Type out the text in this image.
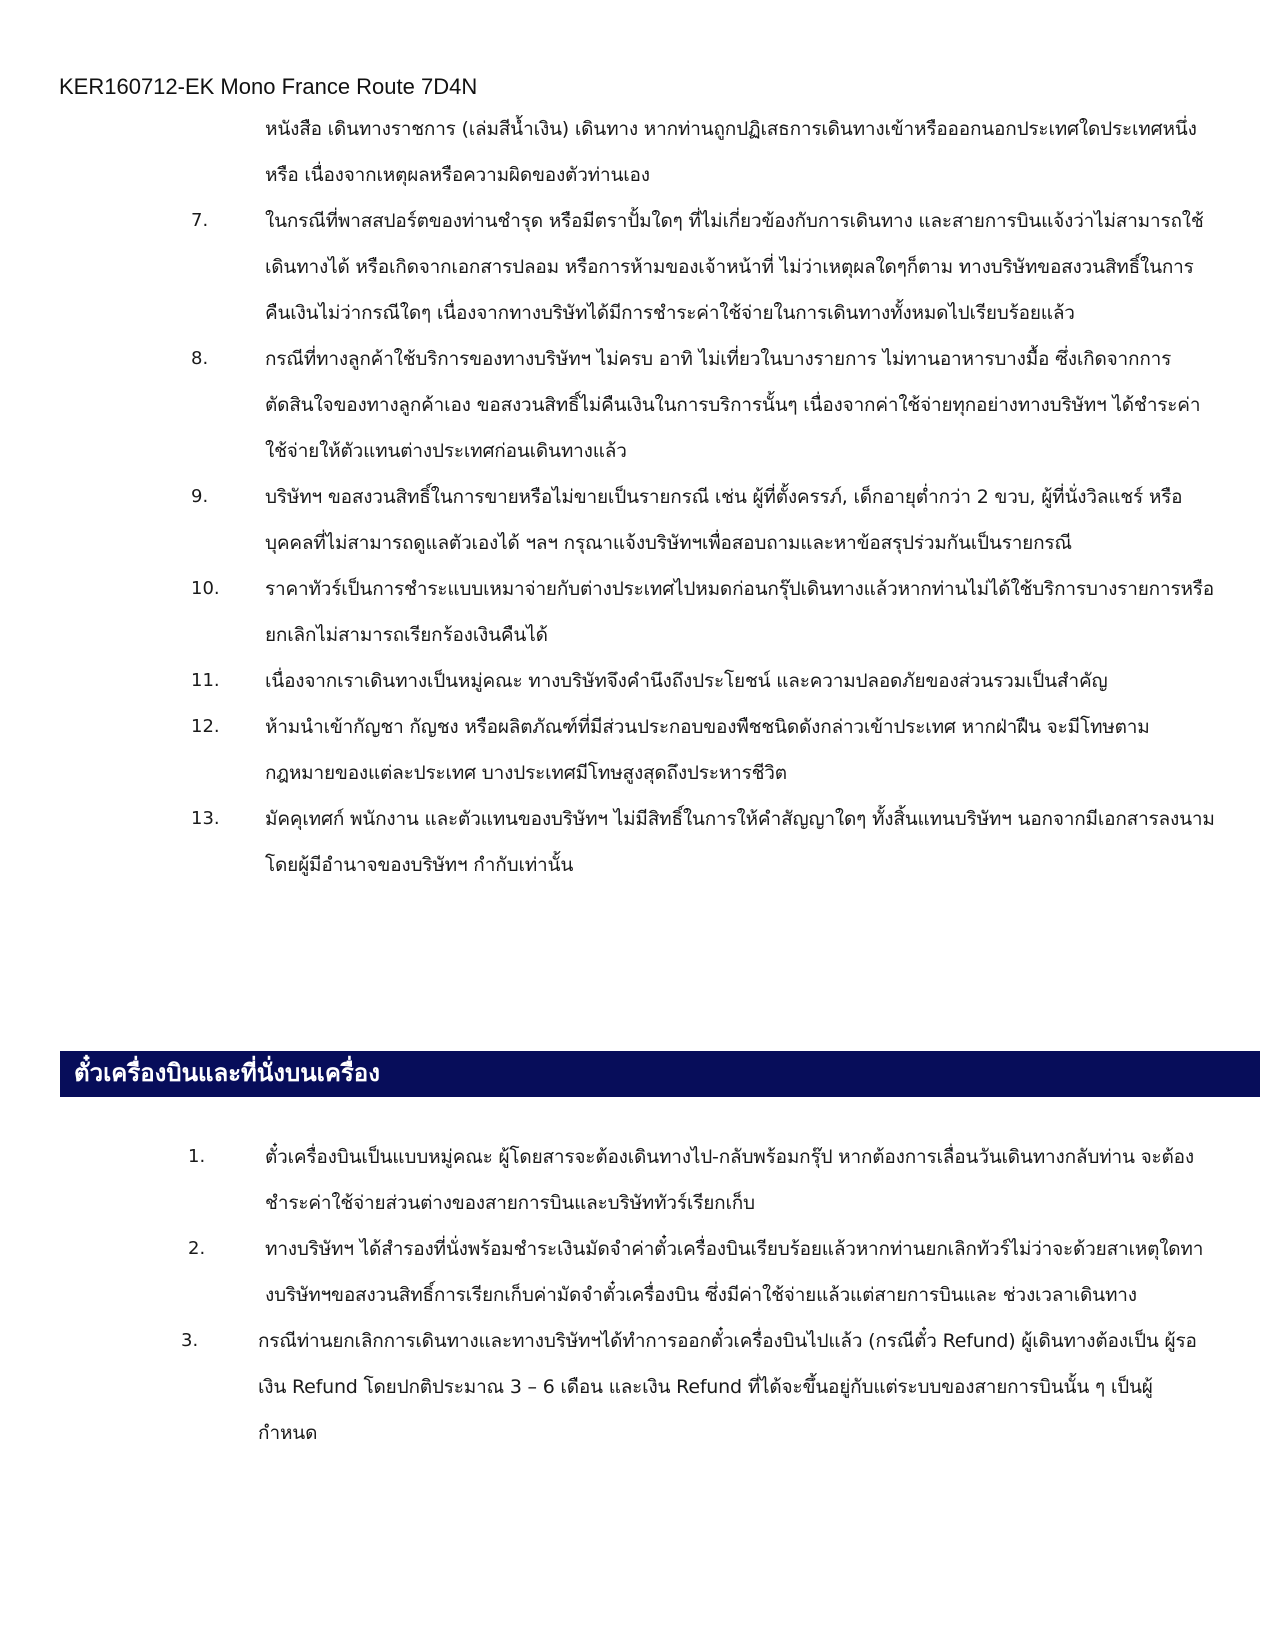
KER160712-EK Mono France Route 7D4N
หนังสือ เดินทางราชการ (เล่มสีน้ำเงิน) เดินทาง หากท่านถูกปฏิเสธการเดินทางเข้าหรือออกนอกประเทศใดประเทศหนึ่ง หรือ เนื่องจากเหตุผลหรือความผิดของตัวท่านเอง
7.	ในกรณีที่พาสสปอร์ตของท่านชำรุด หรือมีตราปั้มใดๆ ที่ไม่เกี่ยวข้องกับการเดินทาง และสายการบินแจ้งว่าไม่สามารถใช้เดินทางได้ หรือเกิดจากเอกสารปลอม หรือการห้ามของเจ้าหน้าที่ ไม่ว่าเหตุผลใดๆก็ตาม ทางบริษัทขอสงวนสิทธิ์ในการคืนเงินไม่ว่ากรณีใดๆ เนื่องจากทางบริษัทได้มีการชำระค่าใช้จ่ายในการเดินทางทั้งหมดไปเรียบร้อยแล้ว
8.	กรณีที่ทางลูกค้าใช้บริการของทางบริษัทฯ ไม่ครบ อาทิ ไม่เที่ยวในบางรายการ ไม่ทานอาหารบางมื้อ ซึ่งเกิดจากการตัดสินใจของทางลูกค้าเอง ขอสงวนสิทธิ์ไม่คืนเงินในการบริการนั้นๆ เนื่องจากค่าใช้จ่ายทุกอย่างทางบริษัทฯ ได้ชำระค่าใช้จ่ายให้ตัวแทนต่างประเทศก่อนเดินทางแล้ว
9.	บริษัทฯ ขอสงวนสิทธิ์ในการขายหรือไม่ขายเป็นรายกรณี เช่น ผู้ที่ตั้งครรภ์, เด็กอายุต่ำกว่า 2 ขวบ, ผู้ที่นั่งวิลแชร์ หรือบุคคลที่ไม่สามารถดูแลตัวเองได้ ฯลฯ กรุณาแจ้งบริษัทฯเพื่อสอบถามและหาข้อสรุปร่วมกันเป็นรายกรณี
10. ราคาทัวร์เป็นการชำระแบบเหมาจ่ายกับต่างประเทศไปหมดก่อนกรุ๊ปเดินทางแล้วหากท่านไม่ได้ใช้บริการบางรายการหรือยกเลิกไม่สามารถเรียกร้องเงินคืนได้
11. เนื่องจากเราเดินทางเป็นหมู่คณะ ทางบริษัทจึงคำนึงถึงประโยชน์ และความปลอดภัยของส่วนรวมเป็นสำคัญ
12. ห้ามนำเข้ากัญชา กัญชง หรือผลิตภัณฑ์ที่มีส่วนประกอบของพืชชนิดดังกล่าวเข้าประเทศ หากฝ่าฝืน จะมีโทษตามกฎหมายของแต่ละประเทศ บางประเทศมีโทษสูงสุดถึงประหารชีวิต
13. มัคคุเทศก์ พนักงาน และตัวแทนของบริษัทฯ ไม่มีสิทธิ์ในการให้คำสัญญาใดๆ ทั้งสิ้นแทนบริษัทฯ นอกจากมีเอกสารลงนามโดยผู้มีอำนาจของบริษัทฯ กำกับเท่านั้น
ตั๋วเครื่องบินและที่นั่งบนเครื่อง
1.	ตั๋วเครื่องบินเป็นแบบหมู่คณะ ผู้โดยสารจะต้องเดินทางไป-กลับพร้อมกรุ๊ป หากต้องการเลื่อนวันเดินทางกลับท่าน จะต้องชำระค่าใช้จ่ายส่วนต่างของสายการบินและบริษัททัวร์เรียกเก็บ
2.	ทางบริษัทฯ ได้สำรองที่นั่งพร้อมชำระเงินมัดจำค่าตั๋วเครื่องบินเรียบร้อยแล้วหากท่านยกเลิกทัวร์ไม่ว่าจะด้วยสาเหตุใดทางบริษัทฯขอสงวนสิทธิ์การเรียกเก็บค่ามัดจำตั๋วเครื่องบิน ซึ่งมีค่าใช้จ่ายแล้วแต่สายการบินและ ช่วงเวลาเดินทาง
3.	กรณีท่านยกเลิกการเดินทางและทางบริษัทฯได้ทำการออกตั๋วเครื่องบินไปแล้ว (กรณีตั๋ว Refund) ผู้เดินทางต้องเป็น ผู้รอเงิน Refund โดยปกติประมาณ 3 – 6 เดือน และเงิน Refund ที่ได้จะขึ้นอยู่กับแต่ระบบของสายการบินนั้น ๆ เป็นผู้กำหนด
